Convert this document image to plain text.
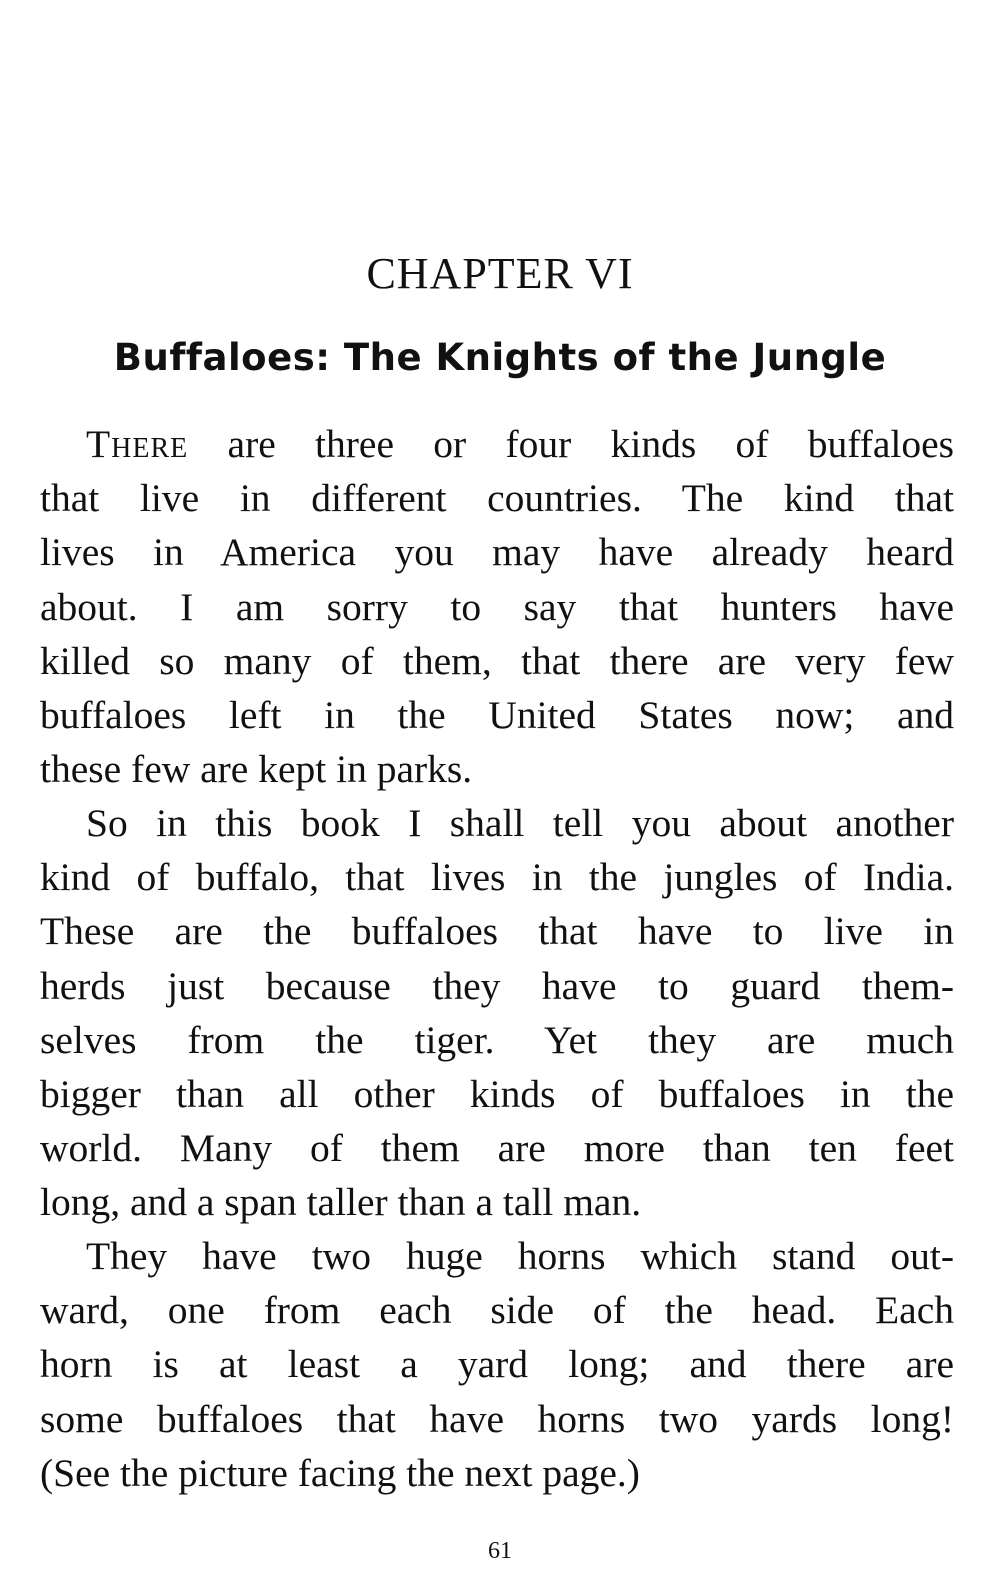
CHAPTER VI
Buffaloes: The Knights of the Jungle
There are three or four kinds of buffaloes
that live in different countries. The kind that
lives in America you may have already heard
about. I am sorry to say that hunters have
killed so many of them, that there are very few
buffaloes left in the United States now; and
these few are kept in parks.
So in this book I shall tell you about another
kind of buffalo, that lives in the jungles of India.
These are the buffaloes that have to live in
herds just because they have to guard them-
selves from the tiger. Yet they are much
bigger than all other kinds of buffaloes in the
world. Many of them are more than ten feet
long, and a span taller than a tall man.
They have two huge horns which stand out-
ward, one from each side of the head. Each
horn is at least a yard long; and there are
some buffaloes that have horns two yards long!
(See the picture facing the next page.)

61
